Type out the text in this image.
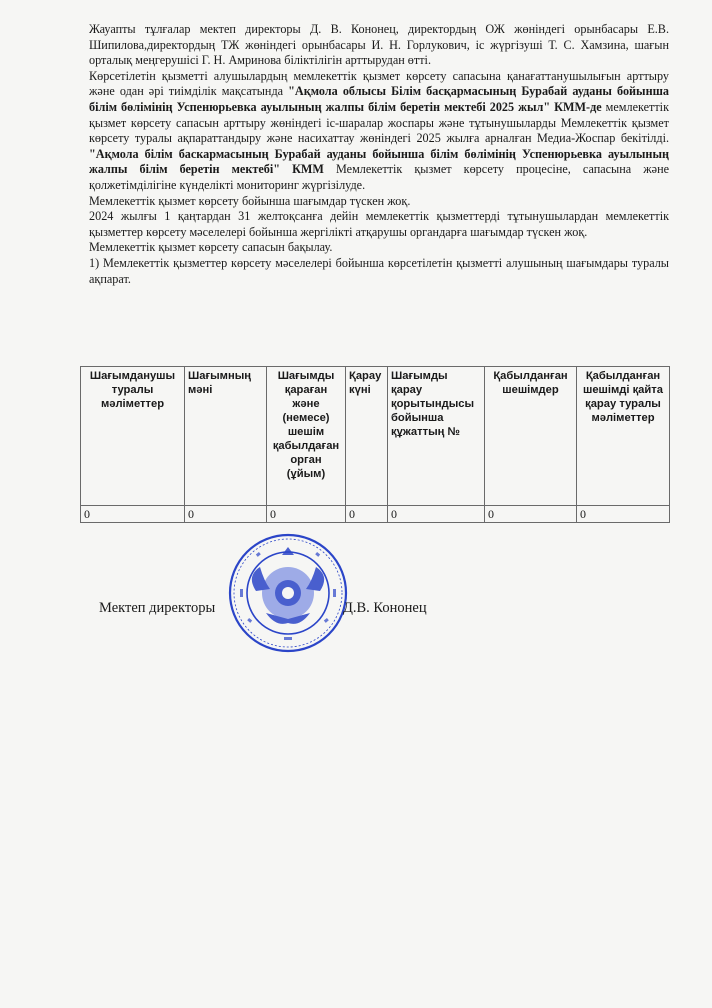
Жауапты тұлғалар мектеп директоры Д. В. Кононец, директордың ОЖ жөніндегі орынбасары Е.В. Шипилова,директордың ТЖ жөніндегі орынбасары И. Н. Горлукович, іс жүргізуші Т. С. Хамзина, шағын орталық меңгерушісі Г. Н. Амринова біліктілігін арттырудан өтті.

Көрсетілетін қызметті алушылардың мемлекеттік қызмет көрсету сапасына қанағаттанушылығын арттыру және одан әрі тиімділік мақсатында "Ақмола облысы Білім басқармасының Бурабай ауданы бойынша білім бөлімінің Успенюрьевка ауылының жалпы білім беретін мектебі 2025 жыл" КММ-де мемлекеттік қызмет көрсету сапасын арттыру жөніндегі іс-шаралар жоспары және тұтынушыларды Мемлекеттік қызмет көрсету туралы ақпараттандыру және насихаттау жөніндегі 2025 жылға арналған Медиа-Жоспар бекітілді. "Ақмола білім баскармасының Бурабай ауданы бойынша білім бөлімінің Успенюрьевка ауылының жалпы білім беретін мектебі" КММ Мемлекеттік қызмет көрсету процесіне, сапасына және қолжетімділігіне күнделікті мониторинг жүргізілуде.

Мемлекеттік қызмет көрсету бойынша шағымдар түскен жоқ.

2024 жылғы 1 қаңтардан 31 желтоқсанға дейін мемлекеттік қызметтерді тұтынушылардан мемлекеттік қызметтер көрсету мәселелері бойынша жергілікті атқарушы органдарға шағымдар түскен жоқ.

Мемлекеттік қызмет көрсету сапасын бақылау.

1) Мемлекеттік қызметтер көрсету мәселелері бойынша көрсетілетін қызметті алушының шағымдары туралы ақпарат.

Шағымданушы туралы мәліметтер	Шағымның мәні	Шағымды қараған және (немесе) шешім қабылдаған орган (ұйым)	Қарау күні	Шағымды қарау қорытындысы бойынша құжаттың №	Қабылданған шешімдер	Қабылданған шешімді қайта қарау туралы мәліметтер
0	0	0	0	0	0	0
Мектеп директоры	Д.В. Кононец
